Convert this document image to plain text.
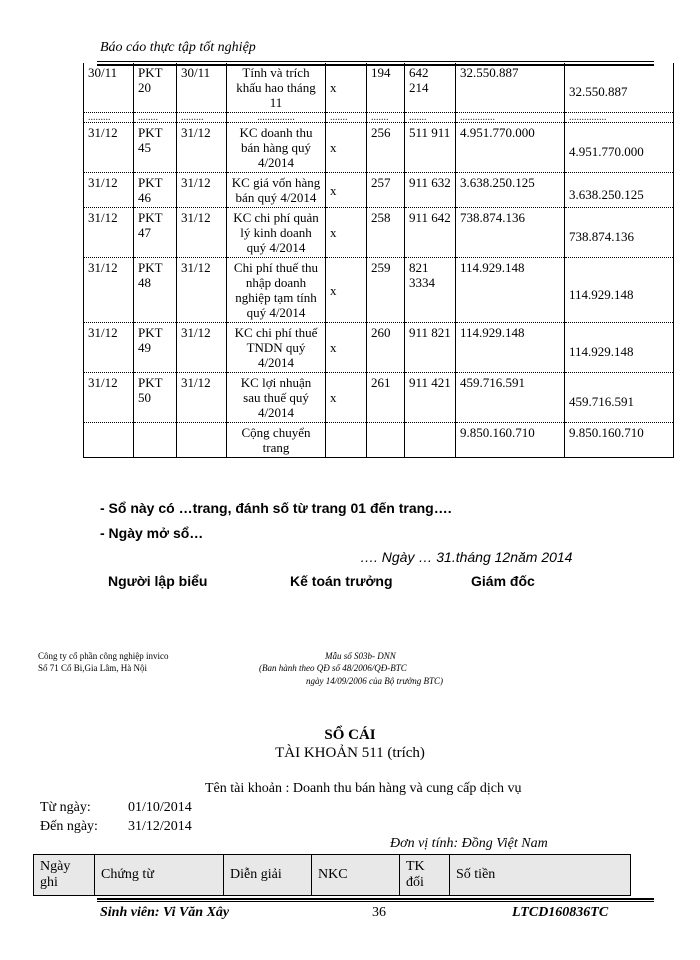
Báo cáo thực tập tốt nghiệp
30/11	PKT 20	30/11	Tính và trích khấu hao tháng 11	x	194	642 214	32.550.887	32.550.887
.........	........	.........	...............	.......	.......	.......	..............	...............
31/12	PKT 45	31/12	KC doanh thu bán hàng quý 4/2014	x	256	511 911	4.951.770.000	4.951.770.000
31/12	PKT 46	31/12	KC giá vốn hàng bán quý 4/2014	x	257	911 632	3.638.250.125	3.638.250.125
31/12	PKT 47	31/12	KC chi phí quản lý kinh doanh quý 4/2014	x	258	911 642	738.874.136	738.874.136
31/12	PKT 48	31/12	Chi phí thuế thu nhập doanh nghiệp tạm tính quý 4/2014	x	259	821 3334	114.929.148	114.929.148
31/12	PKT 49	31/12	KC chi phí thuế TNDN quý 4/2014	x	260	911 821	114.929.148	114.929.148
31/12	PKT 50	31/12	KC lợi nhuận sau thuế quý 4/2014	x	261	911 421	459.716.591	459.716.591
			Cộng chuyển trang				9.850.160.710	9.850.160.710
- Sổ này có …trang, đánh số từ trang 01 đến trang….
- Ngày mở sổ…
…. Ngày … 31.tháng 12năm 2014
Người lập biểu	Kế toán trưởng	Giám đốc
Công ty cổ phần công nghiệp invico
Số 71 Cổ Bi,Gia Lâm, Hà Nội
Mẫu số S03b- DNN
(Ban hành theo QĐ số 48/2006/QĐ-BTC
ngày 14/09/2006 của Bộ trưởng BTC)
SỔ CÁI
TÀI KHOẢN 511 (trích)
Tên tài khoản : Doanh thu bán hàng và cung cấp dịch vụ
Từ ngày:	01/10/2014
Đến ngày: 31/12/2014
Đơn vị tính: Đồng Việt Nam
Ngày ghi	Chứng từ	Diễn giải	NKC	TK đối	Số tiền
Sinh viên: Vi Văn Xây	36	LTCD160836TC
